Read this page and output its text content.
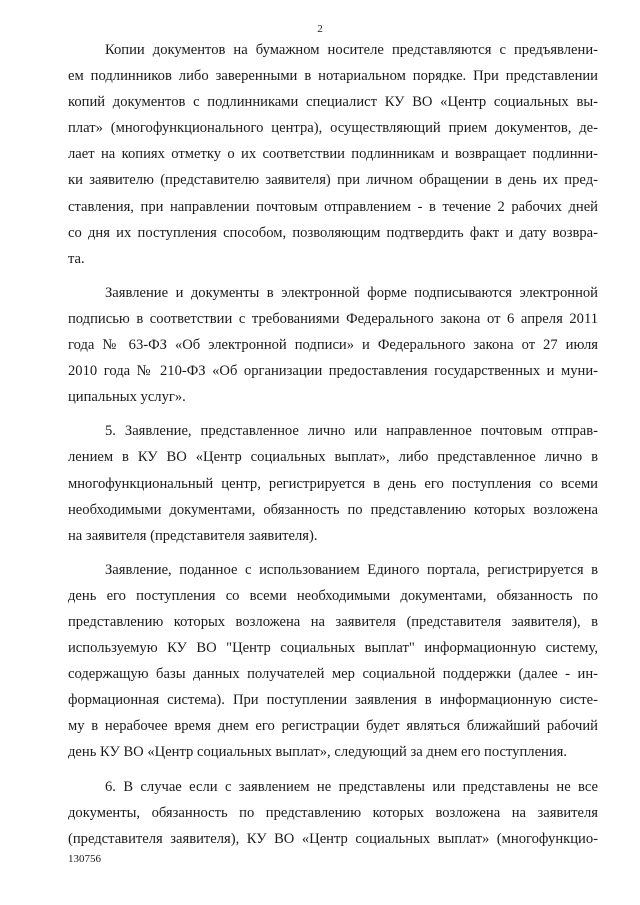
2

Копии документов на бумажном носителе представляются с предъявлени-
ем подлинников либо заверенными в нотариальном порядке. При представлении
копий документов с подлинниками специалист КУ ВО «Центр социальных вы-
плат» (многофункционального центра), осуществляющий прием документов, де-
лает на копиях отметку о их соответствии подлинникам и возвращает подлинни-
ки заявителю (представителю заявителя) при личном обращении в день их пред-
ставления, при направлении почтовым отправлением - в течение 2 рабочих дней
со дня их поступления способом, позволяющим подтвердить факт и дату возвра-
та.

Заявление и документы в электронной форме подписываются электронной
подписью в соответствии с требованиями Федерального закона от 6 апреля 2011
года № 63-ФЗ «Об электронной подписи» и Федерального закона от 27 июля
2010 года № 210-ФЗ «Об организации предоставления государственных и муни-
ципальных услуг».

5. Заявление, представленное лично или направленное почтовым отправ-
лением в КУ ВО «Центр социальных выплат», либо представленное лично в
многофункциональный центр, регистрируется в день его поступления со всеми
необходимыми документами, обязанность по представлению которых возложена
на заявителя (представителя заявителя).

Заявление, поданное с использованием Единого портала, регистрируется в
день его поступления со всеми необходимыми документами, обязанность по
представлению которых возложена на заявителя (представителя заявителя), в
используемую КУ ВО "Центр социальных выплат" информационную систему,
содержащую базы данных получателей мер социальной поддержки (далее - ин-
формационная система). При поступлении заявления в информационную систе-
му в нерабочее время днем его регистрации будет являться ближайший рабочий
день КУ ВО «Центр социальных выплат», следующий за днем его поступления.

6. В случае если с заявлением не представлены или представлены не все
документы, обязанность по представлению которых возложена на заявителя
(представителя заявителя), КУ ВО «Центр социальных выплат» (многофункцио-

130756
